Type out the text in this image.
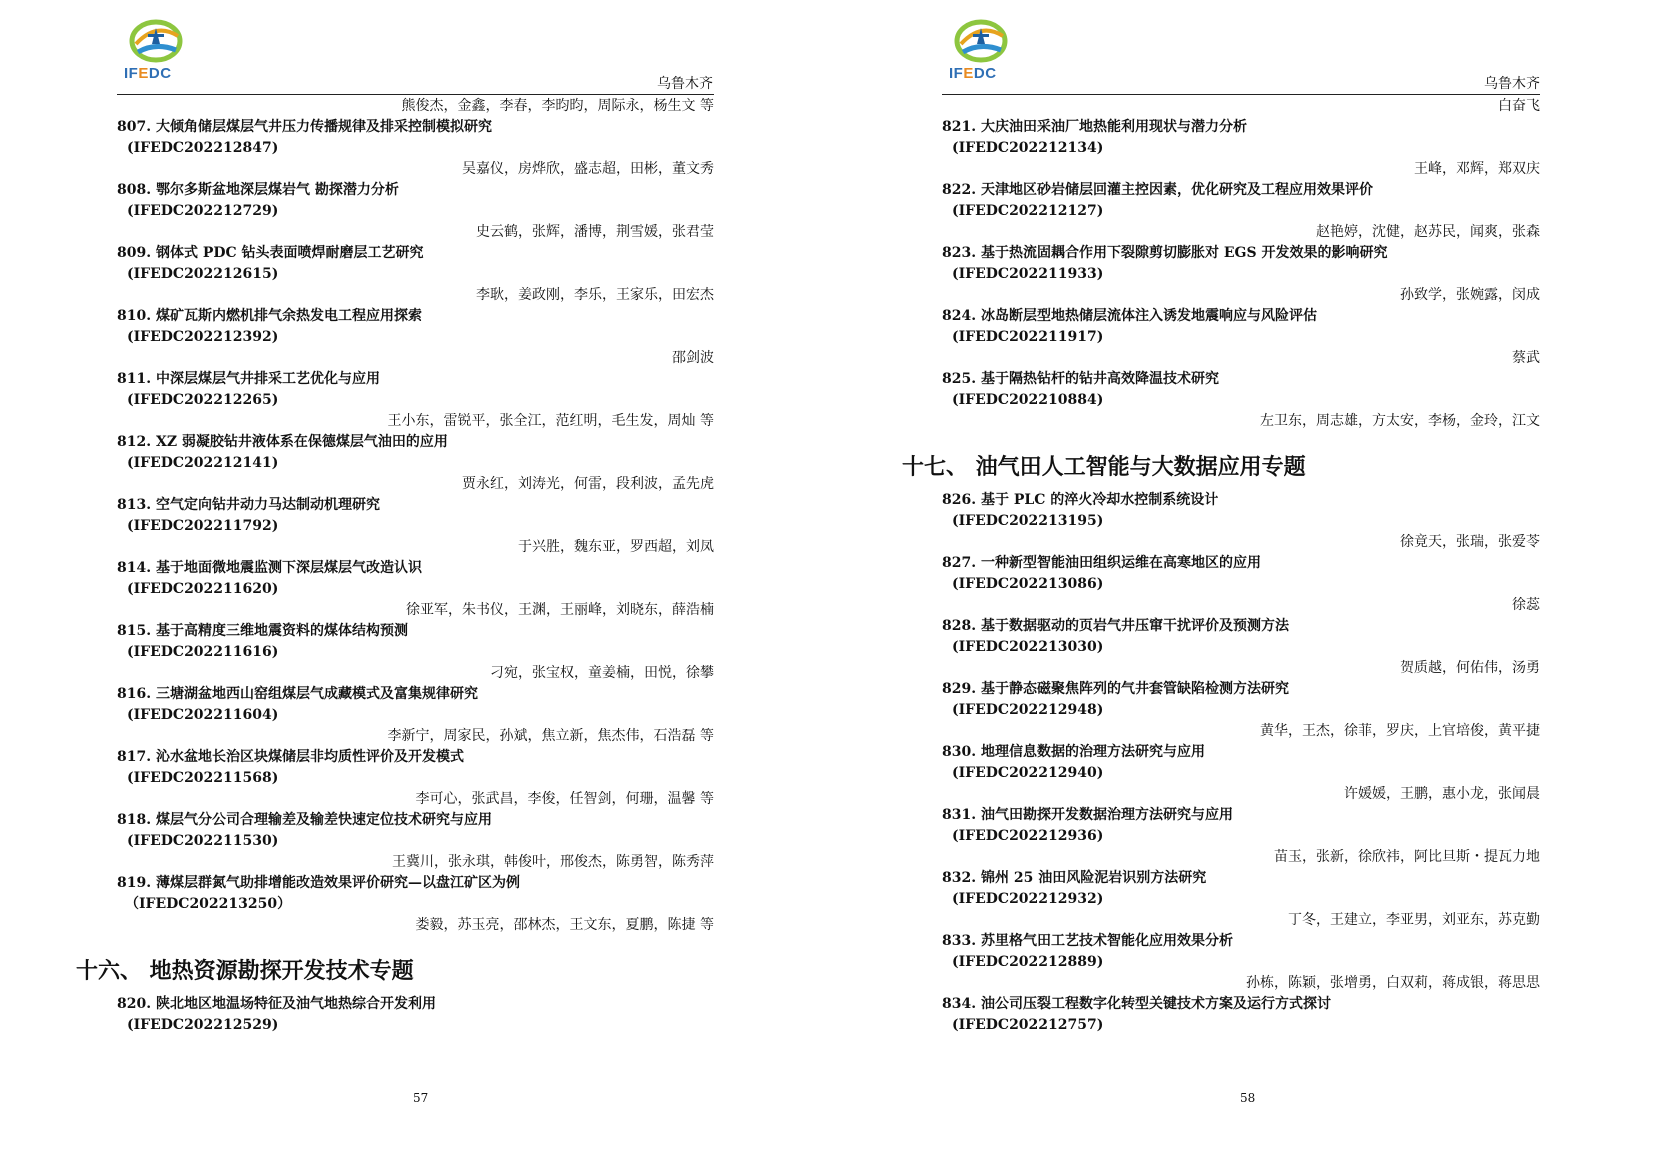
IFEDC
乌鲁木齐
熊俊杰，金鑫，李春，李昀昀，周际永，杨生文 等
807. 大倾角储层煤层气井压力传播规律及排采控制模拟研究
(IFEDC202212847)
吴嘉仪，房烨欣，盛志超，田彬，董文秀
808. 鄂尔多斯盆地深层煤岩气 勘探潜力分析
(IFEDC202212729)
史云鹤，张辉，潘博，荆雪媛，张君莹
809. 钢体式 PDC 钻头表面喷焊耐磨层工艺研究
(IFEDC202212615)
李耿，姜政刚，李乐，王家乐，田宏杰
810. 煤矿瓦斯内燃机排气余热发电工程应用探索
(IFEDC202212392)
邵剑波
811. 中深层煤层气井排采工艺优化与应用
(IFEDC202212265)
王小东，雷锐平，张全江，范红明，毛生发，周灿 等
812. XZ 弱凝胶钻井液体系在保德煤层气油田的应用
(IFEDC202212141)
贾永红，刘涛光，何雷，段利波，孟先虎
813. 空气定向钻井动力马达制动机理研究
(IFEDC202211792)
于兴胜，魏东亚，罗西超，刘凤
814. 基于地面微地震监测下深层煤层气改造认识
(IFEDC202211620)
徐亚军，朱书仪，王渊，王丽峰，刘晓东，薛浩楠
815. 基于高精度三维地震资料的煤体结构预测
(IFEDC202211616)
刁宛，张宝权，童姜楠，田悦，徐攀
816. 三塘湖盆地西山窑组煤层气成藏模式及富集规律研究
(IFEDC202211604)
李新宁，周家民，孙斌，焦立新，焦杰伟，石浩磊 等
817. 沁水盆地长治区块煤储层非均质性评价及开发模式
(IFEDC202211568)
李可心，张武昌，李俊，任智剑，何珊，温馨 等
818. 煤层气分公司合理输差及输差快速定位技术研究与应用
(IFEDC202211530)
王冀川，张永琪，韩俊叶，邢俊杰，陈勇智，陈秀萍
819. 薄煤层群氮气助排增能改造效果评价研究—以盘江矿区为例
（IFEDC202213250）
娄毅，苏玉亮，邵林杰，王文东，夏鹏，陈捷 等
十六、 地热资源勘探开发技术专题
820. 陕北地区地温场特征及油气地热综合开发利用
(IFEDC202212529)
57
IFEDC
乌鲁木齐
白奋飞
821. 大庆油田采油厂地热能利用现状与潜力分析
(IFEDC202212134)
王峰，邓辉，郑双庆
822. 天津地区砂岩储层回灌主控因素，优化研究及工程应用效果评价
(IFEDC202212127)
赵艳婷，沈健，赵苏民，闻爽，张森
823. 基于热流固耦合作用下裂隙剪切膨胀对 EGS 开发效果的影响研究
(IFEDC202211933)
孙致学，张婉露，闵成
824. 冰岛断层型地热储层流体注入诱发地震响应与风险评估
(IFEDC202211917)
蔡武
825. 基于隔热钻杆的钻井高效降温技术研究
(IFEDC202210884)
左卫东，周志雄，方太安，李杨，金玲，江文
十七、 油气田人工智能与大数据应用专题
826. 基于 PLC 的淬火冷却水控制系统设计
(IFEDC202213195)
徐竟天，张瑞，张爱苓
827. 一种新型智能油田组织运维在高寒地区的应用
(IFEDC202213086)
徐蕊
828. 基于数据驱动的页岩气井压窜干扰评价及预测方法
(IFEDC202213030)
贺质越，何佑伟，汤勇
829. 基于静态磁聚焦阵列的气井套管缺陷检测方法研究
(IFEDC202212948)
黄华，王杰，徐菲，罗庆，上官培俊，黄平捷
830. 地理信息数据的治理方法研究与应用
(IFEDC202212940)
许媛媛，王鹏，惠小龙，张闻晨
831. 油气田勘探开发数据治理方法研究与应用
(IFEDC202212936)
苗玉，张新，徐欣祎，阿比旦斯・提瓦力地
832. 锦州 25 油田风险泥岩识别方法研究
(IFEDC202212932)
丁冬，王建立，李亚男，刘亚东，苏克勤
833. 苏里格气田工艺技术智能化应用效果分析
(IFEDC202212889)
孙栋，陈颖，张增勇，白双莉，蒋成银，蒋思思
834. 油公司压裂工程数字化转型关键技术方案及运行方式探讨
(IFEDC202212757)
58
